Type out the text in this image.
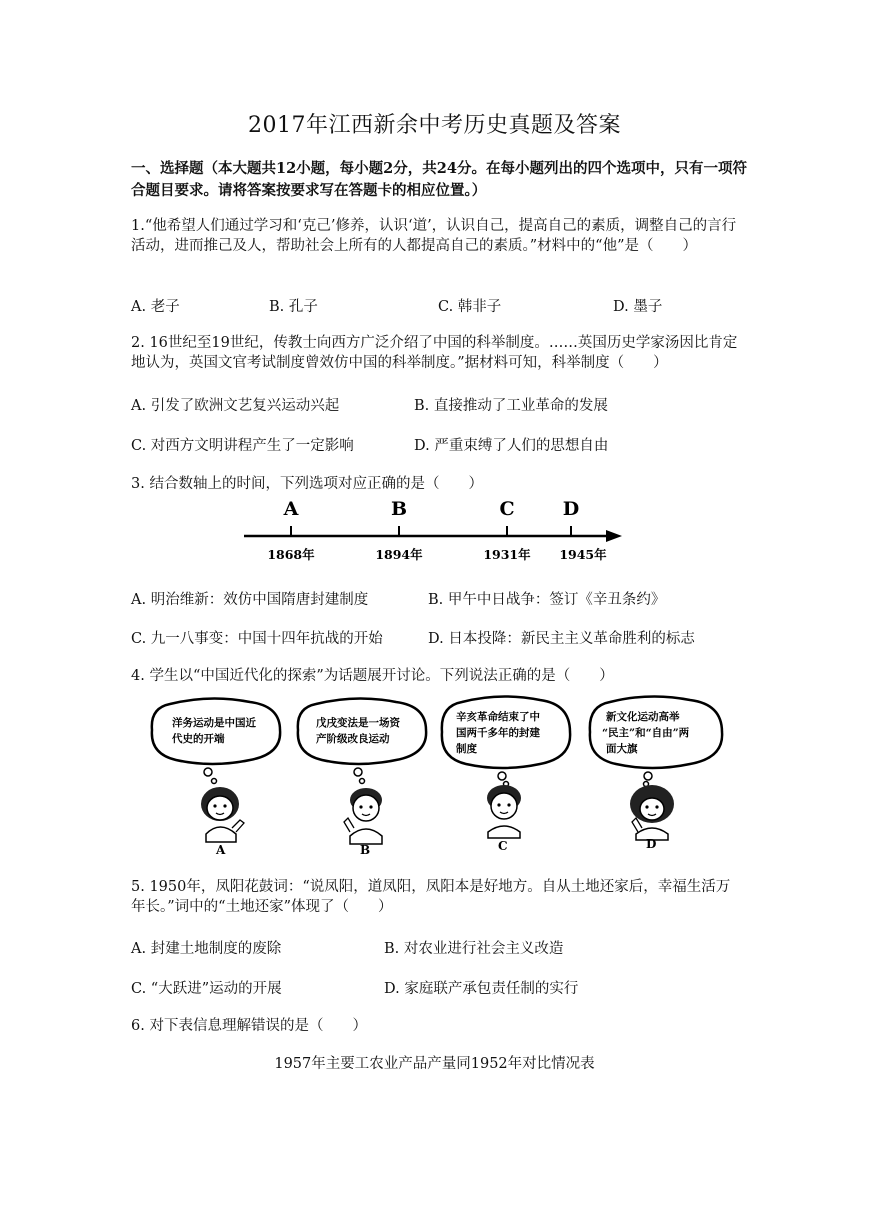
2017年江西新余中考历史真题及答案
一、选择题（本大题共12小题，每小题2分，共24分。在每小题列出的四个选项中，只有一项符合题目要求。请将答案按要求写在答题卡的相应位置。）
1.“他希望人们通过学习和‘克己’修养，认识‘道’，认识自己，提高自己的素质，调整自己的言行活动，进而推己及人，帮助社会上所有的人都提高自己的素质。”材料中的“他”是（　　）
A. 老子	B. 孔子	C. 韩非子	D. 墨子
2. 16世纪至19世纪，传教士向西方广泛介绍了中国的科举制度。……英国历史学家汤因比肯定地认为，英国文官考试制度曾效仿中国的科举制度。”据材料可知，科举制度（　　）
A. 引发了欧洲文艺复兴运动兴起	B. 直接推动了工业革命的发展
C. 对西方文明讲程产生了一定影响	D. 严重束缚了人们的思想自由
3. 结合数轴上的时间，下列选项对应正确的是（　　）
A	B	C	D
1868年	1894年	1931年 1945年
A. 明治维新：效仿中国隋唐封建制度	B. 甲午中日战争：签订《辛丑条约》
C. 九一八事变：中国十四年抗战的开始	D. 日本投降：新民主主义革命胜利的标志
4. 学生以“中国近代化的探索”为话题展开讨论。下列说法正确的是（　　）
洋务运动是中国近
代史的开端
A
戊戌变法是一场资
产阶级改良运动
B
辛亥革命结束了中
国两千多年的封建
制度
C
新文化运动高举
“民主”和“自由”两
面大旗
D
5. 1950年，凤阳花鼓词：“说凤阳，道凤阳，凤阳本是好地方。自从土地还家后，幸福生活万年长。”词中的“土地还家”体现了（　　）
A. 封建土地制度的废除	B. 对农业进行社会主义改造
C. “大跃进”运动的开展	D. 家庭联产承包责任制的实行
6. 对下表信息理解错误的是（　　）
1957年主要工农业产品产量同1952年对比情况表
